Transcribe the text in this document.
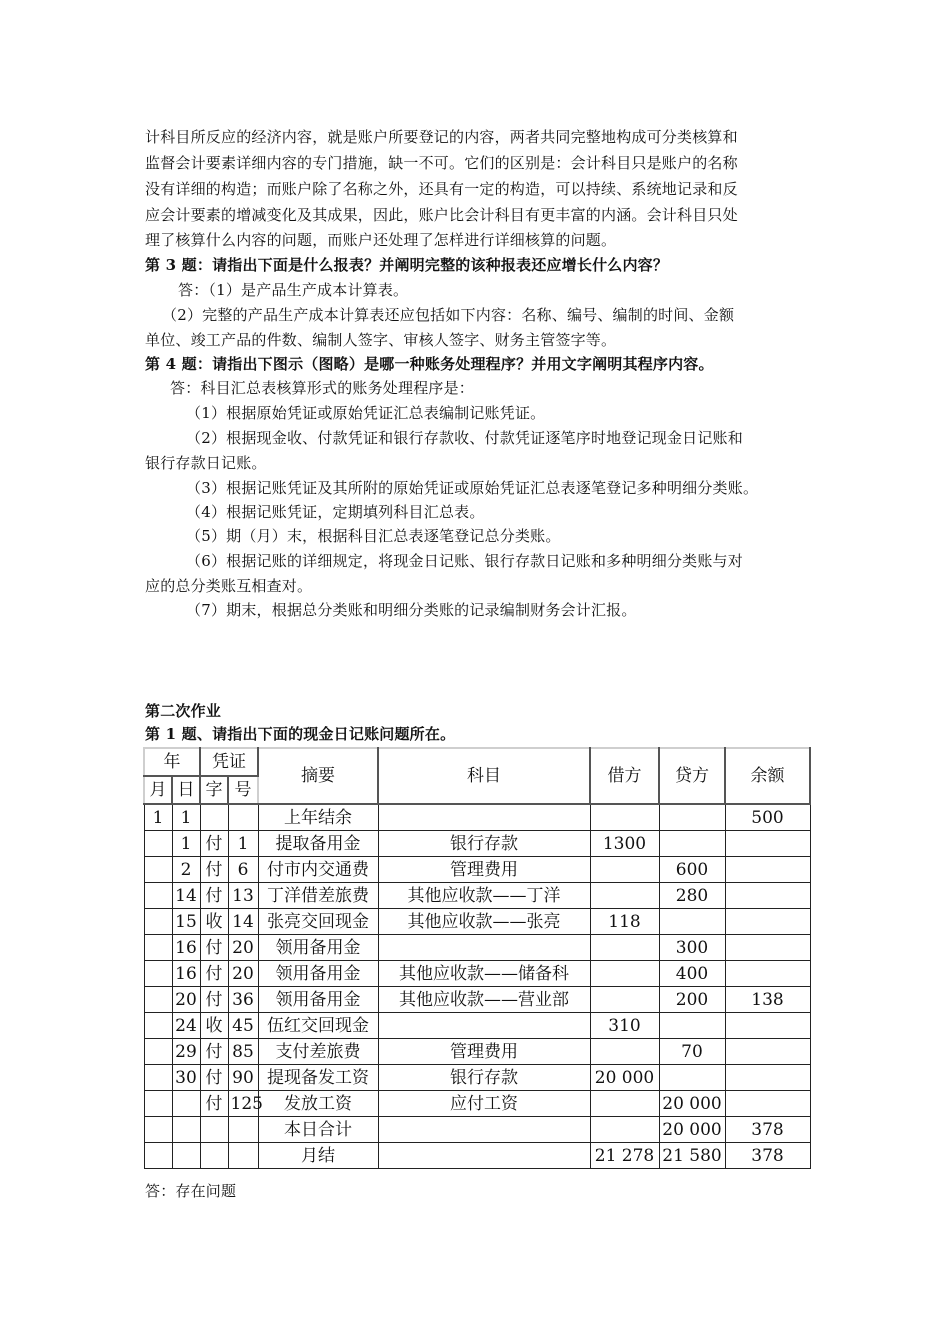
计科目所反应的经济内容，就是账户所要登记的内容，两者共同完整地构成可分类核算和
监督会计要素详细内容的专门措施，缺一不可。它们的区别是：会计科目只是账户的名称
没有详细的构造；而账户除了名称之外，还具有一定的构造，可以持续、系统地记录和反
应会计要素的增减变化及其成果，因此，账户比会计科目有更丰富的内涵。会计科目只处
理了核算什么内容的问题，而账户还处理了怎样进行详细核算的问题。
第 3 题：请指出下面是什么报表？并阐明完整的该种报表还应增长什么内容？
答：（1）是产品生产成本计算表。
（2）完整的产品生产成本计算表还应包括如下内容：名称、编号、编制的时间、金额
单位、竣工产品的件数、编制人签字、审核人签字、财务主管签字等。
第 4 题：请指出下图示（图略）是哪一种账务处理程序？并用文字阐明其程序内容。
答：科目汇总表核算形式的账务处理程序是：
（1）根据原始凭证或原始凭证汇总表编制记账凭证。
（2）根据现金收、付款凭证和银行存款收、付款凭证逐笔序时地登记现金日记账和
银行存款日记账。
（3）根据记账凭证及其所附的原始凭证或原始凭证汇总表逐笔登记多种明细分类账。
（4）根据记账凭证，定期填列科目汇总表。
（5）期（月）末，根据科目汇总表逐笔登记总分类账。
（6）根据记账的详细规定，将现金日记账、银行存款日记账和多种明细分类账与对
应的总分类账互相查对。
（7）期末，根据总分类账和明细分类账的记录编制财务会计汇报。
第二次作业
第 1 题、请指出下面的现金日记账问题所在。
年		凭证		摘要	科目	借方	贷方	余额
月	日	字	号					
1	1			上年结余				500
	1	付	1	提取备用金	银行存款	1300		
	2	付	6	付市内交通费	管理费用		600	
	14	付	13	丁洋借差旅费	其他应收款——丁洋		280	
	15	收	14	张亮交回现金	其他应收款——张亮	118		
	16	付	20	领用备用金			300	
	16	付	20	领用备用金	其他应收款——储备科		400	
	20	付	36	领用备用金	其他应收款——营业部		200	138
	24	收	45	伍红交回现金		310		
	29	付	85	支付差旅费	管理费用		70	
	30	付	90	提现备发工资	银行存款	20 000		
		付	125	发放工资	应付工资		20 000	
				本日合计			20 000	378
				月结		21 278	21 580	378
答：存在问题
